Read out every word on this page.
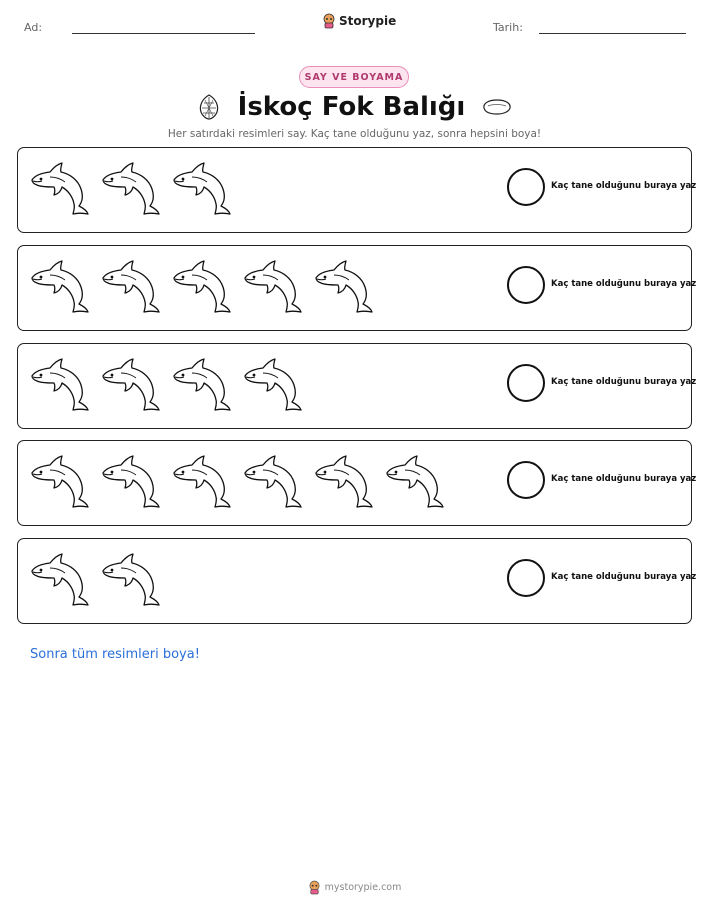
Ad:	Storypie	Tarih:
SAY VE BOYAMA
İskoç Fok Balığı
Her satırdaki resimleri say. Kaç tane olduğunu yaz, sonra hepsini boya!
Kaç tane olduğunu buraya yaz
Kaç tane olduğunu buraya yaz
Kaç tane olduğunu buraya yaz
Kaç tane olduğunu buraya yaz
Kaç tane olduğunu buraya yaz
Sonra tüm resimleri boya!
mystorypie.com
